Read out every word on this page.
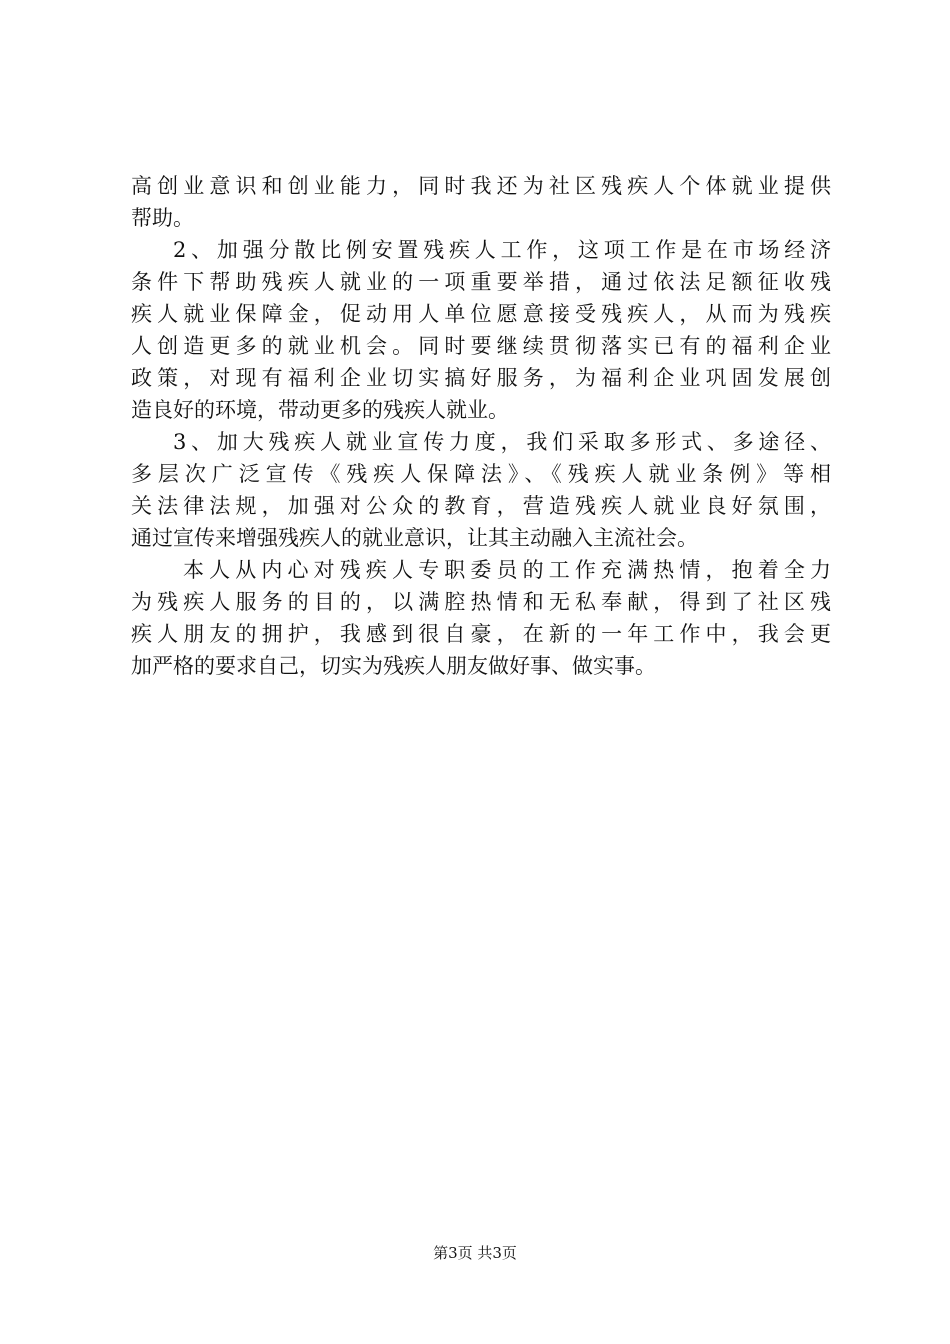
高创业意识和创业能力，同时我还为社区残疾人个体就业提供
帮助。
2、加强分散比例安置残疾人工作，这项工作是在市场经济
条件下帮助残疾人就业的一项重要举措，通过依法足额征收残
疾人就业保障金，促动用人单位愿意接受残疾人，从而为残疾
人创造更多的就业机会。同时要继续贯彻落实已有的福利企业
政策，对现有福利企业切实搞好服务，为福利企业巩固发展创
造良好的环境，带动更多的残疾人就业。
3、加大残疾人就业宣传力度，我们采取多形式、多途径、
多层次广泛宣传《残疾人保障法》、《残疾人就业条例》等相
关法律法规，加强对公众的教育，营造残疾人就业良好氛围，
通过宣传来增强残疾人的就业意识，让其主动融入主流社会。
本人从内心对残疾人专职委员的工作充满热情，抱着全力
为残疾人服务的目的，以满腔热情和无私奉献，得到了社区残
疾人朋友的拥护，我感到很自豪，在新的一年工作中，我会更
加严格的要求自己，切实为残疾人朋友做好事、做实事。
第3页 共3页
